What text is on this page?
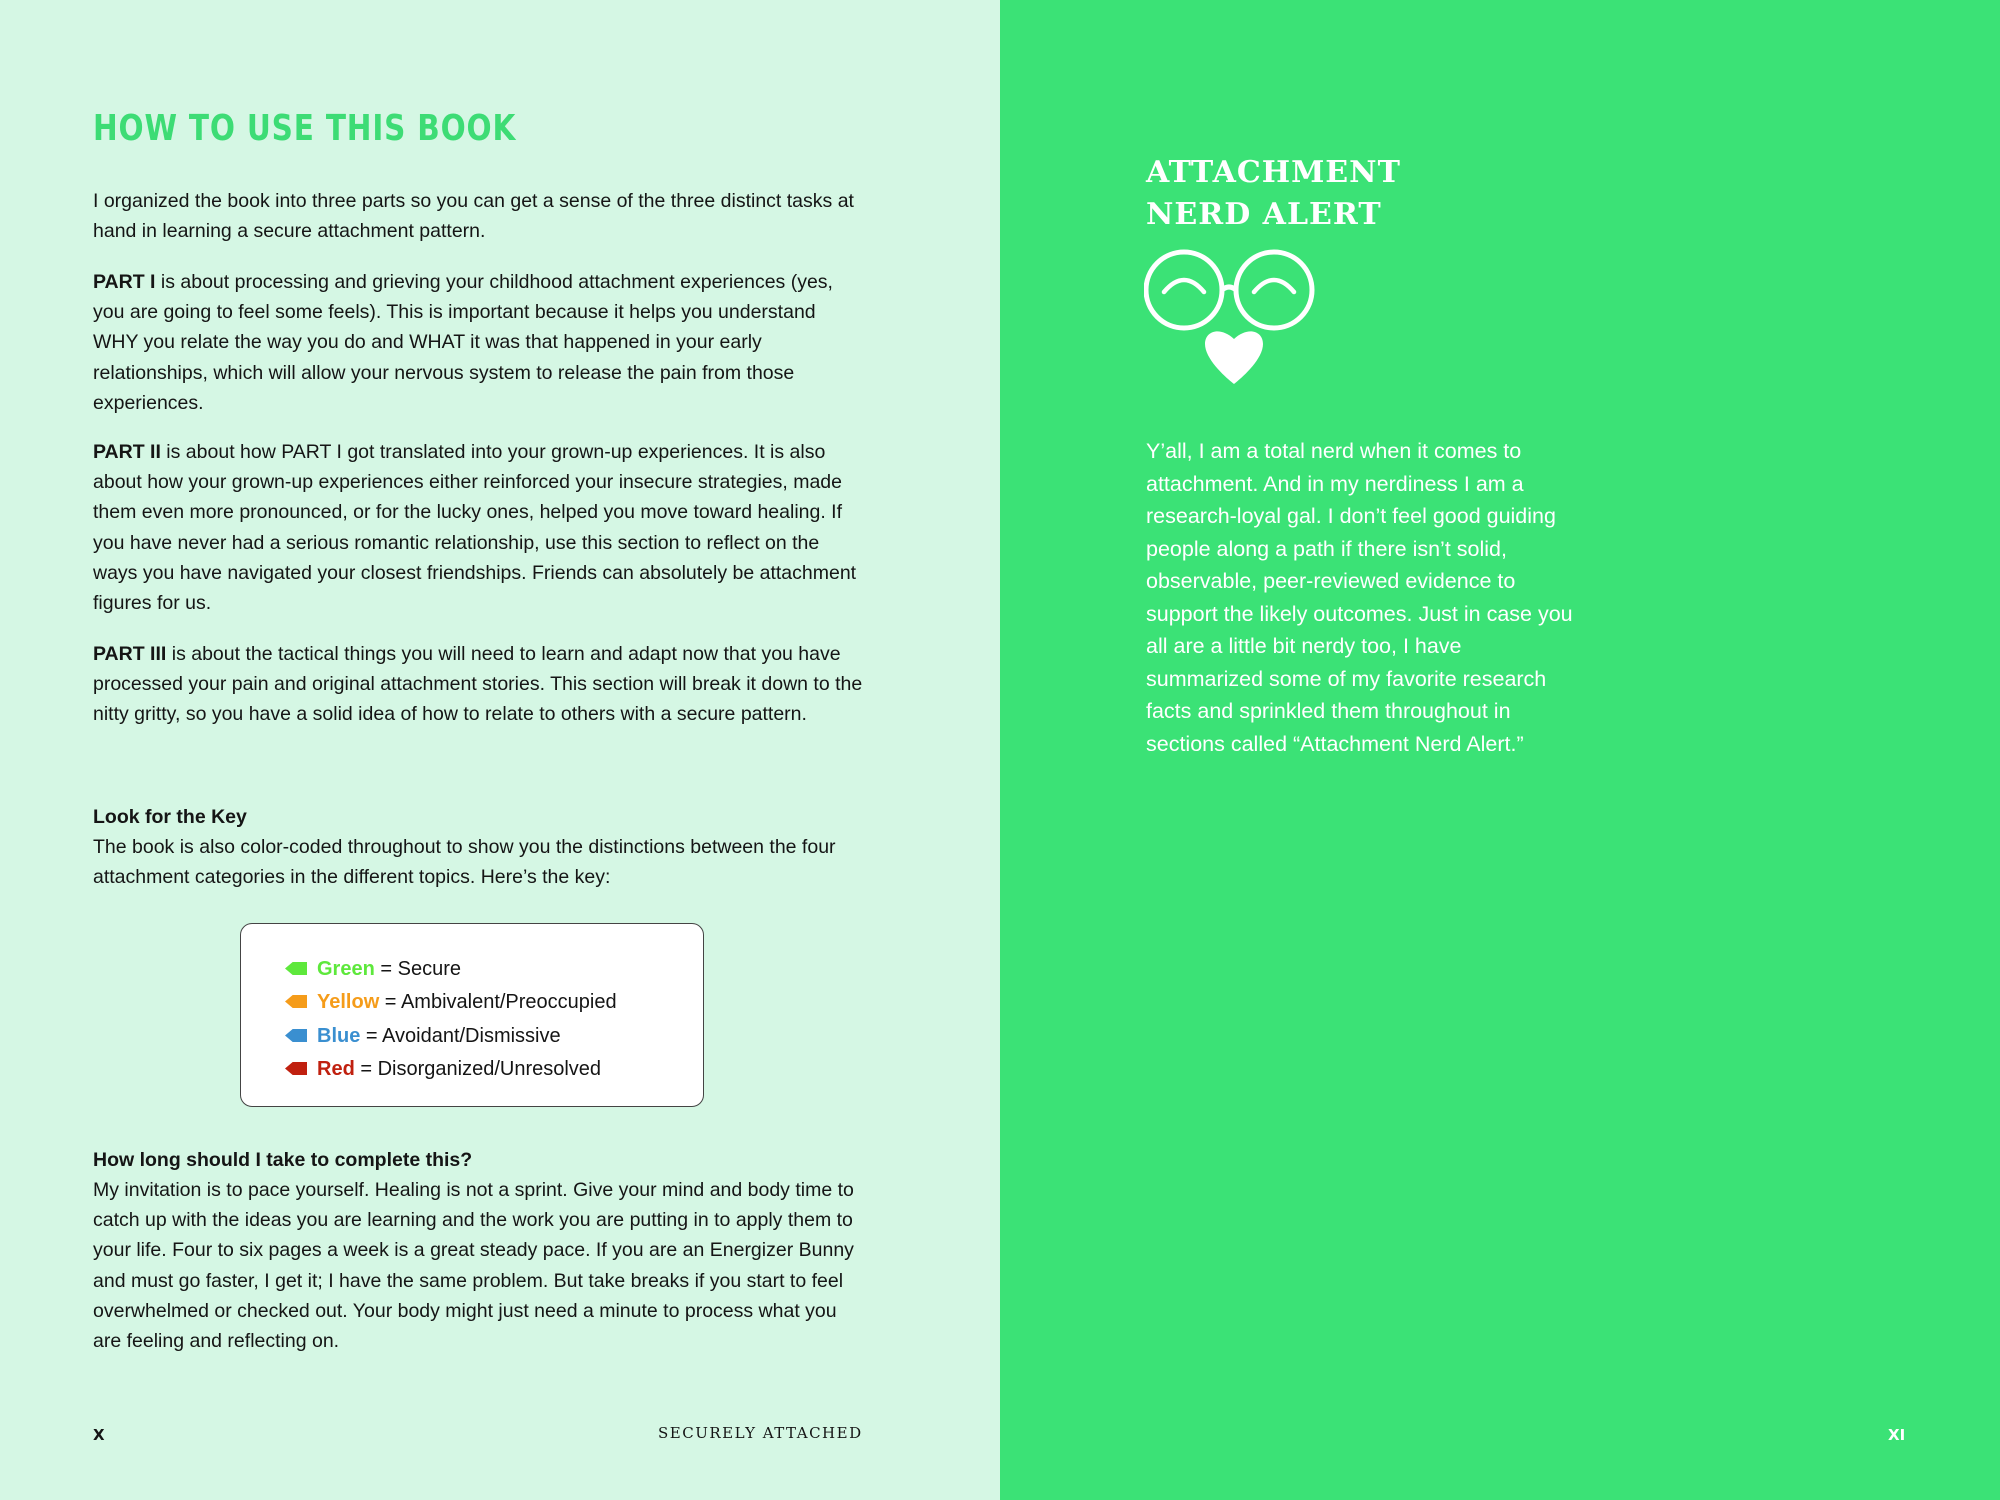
HOW TO USE THIS BOOK

I organized the book into three parts so you can get a sense of the three distinct tasks at hand in learning a secure attachment pattern.

PART I is about processing and grieving your childhood attachment experiences (yes, you are going to feel some feels). This is important because it helps you understand WHY you relate the way you do and WHAT it was that happened in your early relationships, which will allow your nervous system to release the pain from those experiences.

PART II is about how PART I got translated into your grown-up experiences. It is also about how your grown-up experiences either reinforced your insecure strategies, made them even more pronounced, or for the lucky ones, helped you move toward healing. If you have never had a serious romantic relationship, use this section to reflect on the ways you have navigated your closest friendships. Friends can absolutely be attachment figures for us.

PART III is about the tactical things you will need to learn and adapt now that you have processed your pain and original attachment stories. This section will break it down to the nitty gritty, so you have a solid idea of how to relate to others with a secure pattern.

Look for the Key

The book is also color-coded throughout to show you the distinctions between the four attachment categories in the different topics. Here’s the key:

Green = Secure
Yellow = Ambivalent/Preoccupied
Blue = Avoidant/Dismissive
Red = Disorganized/Unresolved

How long should I take to complete this?

My invitation is to pace yourself. Healing is not a sprint. Give your mind and body time to catch up with the ideas you are learning and the work you are putting in to apply them to your life. Four to six pages a week is a great steady pace. If you are an Energizer Bunny and must go faster, I get it; I have the same problem. But take breaks if you start to feel overwhelmed or checked out. Your body might just need a minute to process what you are feeling and reflecting on.

X	SECURELY ATTACHED
ATTACHMENT
NERD ALERT

Y’all, I am a total nerd when it comes to attachment. And in my nerdiness I am a research-loyal gal. I don’t feel good guiding people along a path if there isn’t solid, observable, peer-reviewed evidence to support the likely outcomes. Just in case you all are a little bit nerdy too, I have summarized some of my favorite research facts and sprinkled them throughout in sections called “Attachment Nerd Alert.”

XI
